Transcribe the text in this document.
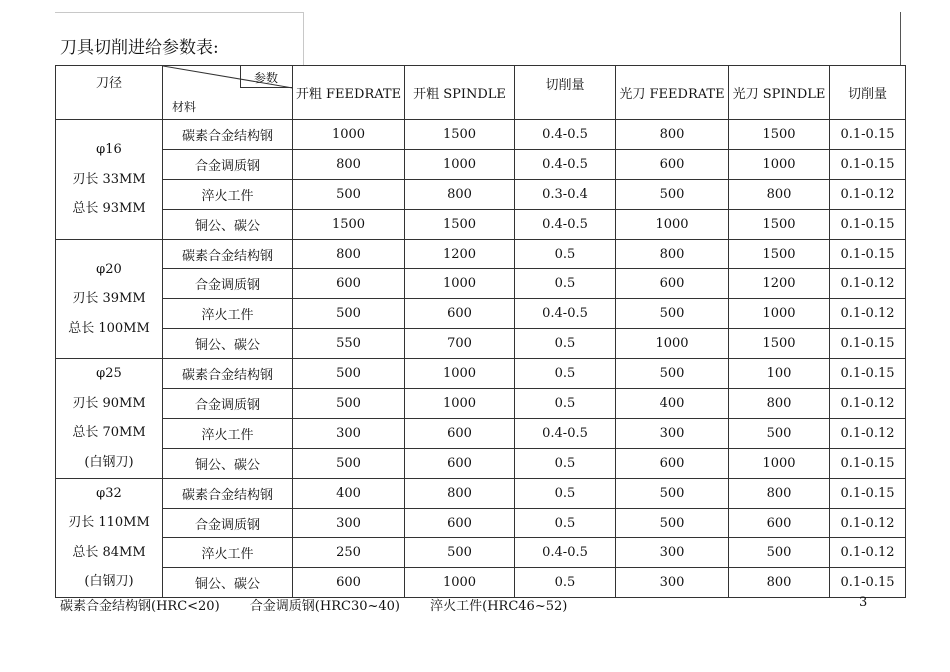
刀具切削进给参数表:
刀径	参数
材料	开粗 FEEDRATE	开粗 SPINDLE	切削量	光刀 FEEDRATE	光刀 SPINDLE	切削量

φ16
刃长 33MM
总长 93MM	碳素合金结构钢	1000	1500	0.4-0.5	800	1500	0.1-0.15
	合金调质钢	800	1000	0.4-0.5	600	1000	0.1-0.15
	淬火工件	500	800	0.3-0.4	500	800	0.1-0.12
	铜公、碳公	1500	1500	0.4-0.5	1000	1500	0.1-0.15

φ20
刃长 39MM
总长 100MM	碳素合金结构钢	800	1200	0.5	800	1500	0.1-0.15
	合金调质钢	600	1000	0.5	600	1200	0.1-0.12
	淬火工件	500	600	0.4-0.5	500	1000	0.1-0.12
	铜公、碳公	550	700	0.5	1000	1500	0.1-0.15

φ25
刃长 90MM
总长 70MM
(白钢刀)	碳素合金结构钢	500	1000	0.5	500	100	0.1-0.15
	合金调质钢	500	1000	0.5	400	800	0.1-0.12
	淬火工件	300	600	0.4-0.5	300	500	0.1-0.12
	铜公、碳公	500	600	0.5	600	1000	0.1-0.15

φ32
刃长 110MM
总长 84MM
(白钢刀)	碳素合金结构钢	400	800	0.5	500	800	0.1-0.15
	合金调质钢	300	600	0.5	500	600	0.1-0.12
	淬火工件	250	500	0.4-0.5	300	500	0.1-0.12
	铜公、碳公	600	1000	0.5	300	800	0.1-0.15
碳素合金结构钢(HRC<20) 合金调质钢(HRC30~40) 淬火工件(HRC46~52)	3
